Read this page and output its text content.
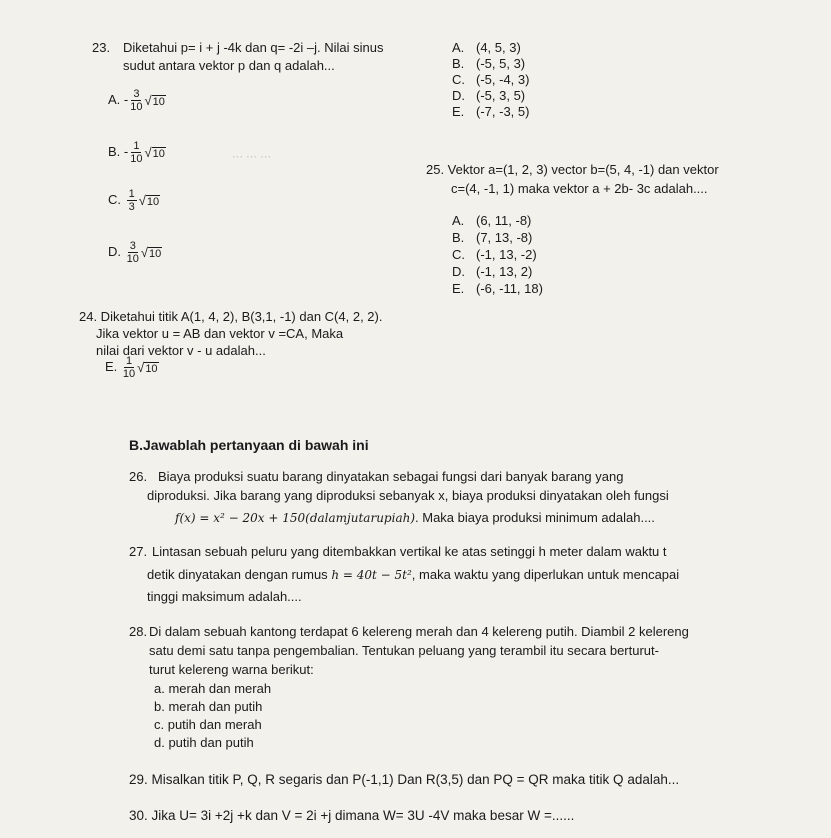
⋯ ⋯ ⋯
23. Diketahui p= i + j -4k dan q= -2i –j. Nilai sinus
sudut antara vektor p dan q adalah...
A. - $\frac{3}{10} √10$
B. - $\frac{1}{10} √10$
C. $\frac{1}{3} √10$
D. $\frac{3}{10} √10$
A. (4, 5, 3)
B. (-5, 5, 3)
C. (-5, -4, 3)
D. (-5, 3, 5)
E. (-7, -3, 5)
25. Vektor a=(1, 2, 3) vector b=(5, 4, -1) dan vektor
c=(4, -1, 1) maka vektor a + 2b- 3c adalah....
A. (6, 11, -8)
B. (7, 13, -8)
C. (-1, 13, -2)
D. (-1, 13, 2)
E. (-6, -11, 18)
24. Diketahui titik A(1, 4, 2), B(3,1, -1) dan C(4, 2, 2).
Jika vektor u = AB dan vektor v =CA, Maka
nilai dari vektor v - u adalah...
E. $\frac{1}{10} √10$
B.Jawablah pertanyaan di bawah ini
26. Biaya produksi suatu barang dinyatakan sebagai fungsi dari banyak barang yang
diproduksi. Jika barang yang diproduksi sebanyak x, biaya produksi dinyatakan oleh fungsi
f(x) = x² − 20x + 150(dalamjutarupiah). Maka biaya produksi minimum adalah....
27. Lintasan sebuah peluru yang ditembakkan vertikal ke atas setinggi h meter dalam waktu t
detik dinyatakan dengan rumus h = 40t − 5t², maka waktu yang diperlukan untuk mencapai
tinggi maksimum adalah....
28. Di dalam sebuah kantong terdapat 6 kelereng merah dan 4 kelereng putih. Diambil 2 kelereng
satu demi satu tanpa pengembalian. Tentukan peluang yang terambil itu secara berturut-
turut kelereng warna berikut:
a. merah dan merah
b. merah dan putih
c. putih dan merah
d. putih dan putih
29. Misalkan titik P, Q, R segaris dan P(-1,1) Dan R(3,5) dan PQ = QR maka titik Q adalah...
30. Jika U= 3i +2j +k dan V = 2i +j dimana W= 3U -4V maka besar W =......
